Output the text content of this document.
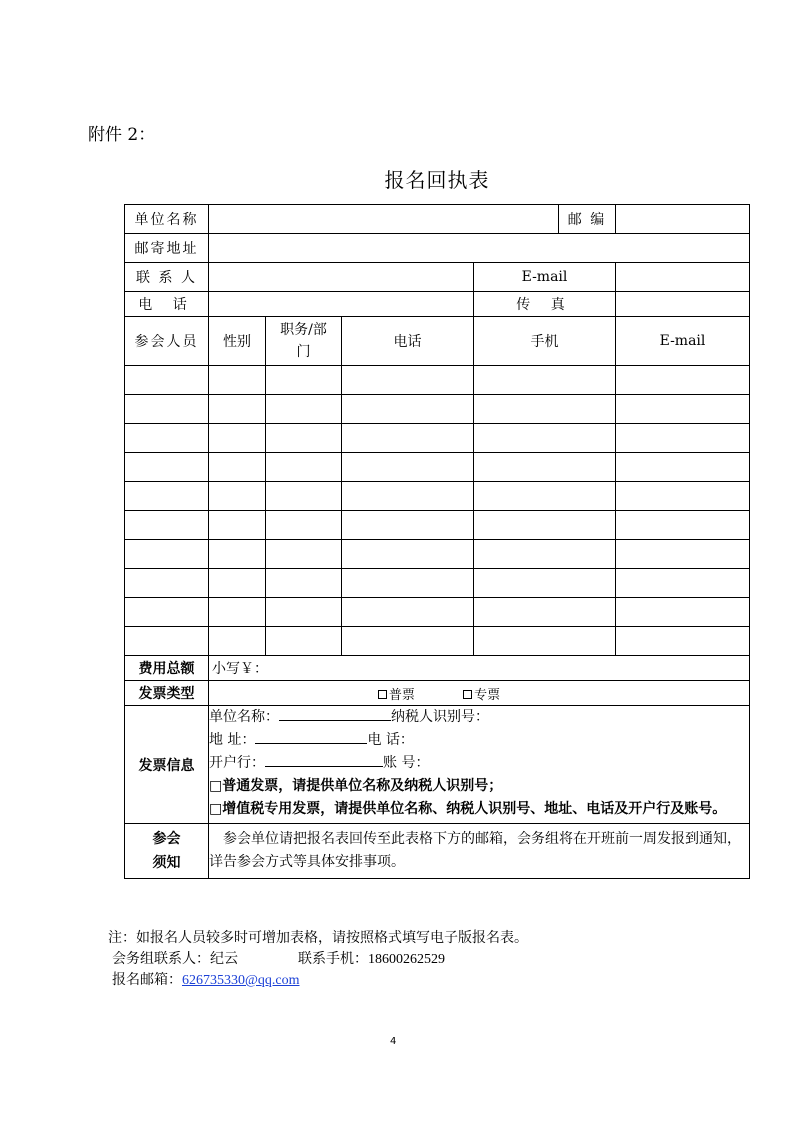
附件 2：
报名回执表
单位名称					邮 编	
邮寄地址						
联 系 人				E-mail		
电 话				传 真		
参会人员	性别	职务/部门	电话	手机		E-mail

费用总额	小写￥：					
发票类型	普票 专票					
发票信息	单位名称： 纳税人识别号：
地 址： 电 话：
开户行： 账 号：
□普通发票，请提供单位名称及纳税人识别号；
□增值税专用发票，请提供单位名称、纳税人识别号、地址、电话及开户行及账号。					

参会
须知	参会单位请把报名表回传至此表格下方的邮箱，会务组将在开班前一周发报到通知，详告参会方式等具体安排事项。					
注：如报名人员较多时可增加表格，请按照格式填写电子版报名表。
会务组联系人：纪云	联系手机：18600262529
报名邮箱：626735330@qq.com
4
